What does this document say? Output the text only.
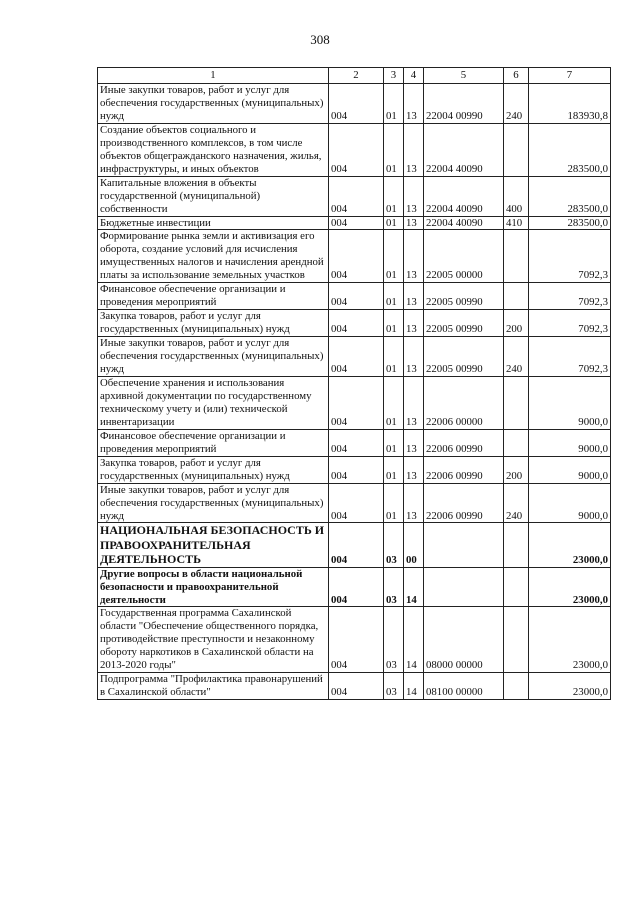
308
1	2	3	4	5	6	7
Иные закупки товаров, работ и услуг для обеспечения государственных (муниципальных) нужд	004	01	13	22004 00990	240	183930,8
Создание объектов социального и производственного комплексов, в том числе объектов общегражданского назначения, жилья, инфраструктуры, и иных объектов	004	01	13	22004 40090		283500,0
Капитальные вложения в объекты государственной (муниципальной) собственности	004	01	13	22004 40090	400	283500,0
Бюджетные инвестиции	004	01	13	22004 40090	410	283500,0
Формирование рынка земли и активизация его оборота, создание условий для исчисления имущественных налогов и начисления арендной платы за использование земельных участков	004	01	13	22005 00000		7092,3
Финансовое обеспечение организации и проведения мероприятий	004	01	13	22005 00990		7092,3
Закупка товаров, работ и услуг для государственных (муниципальных) нужд	004	01	13	22005 00990	200	7092,3
Иные закупки товаров, работ и услуг для обеспечения государственных (муниципальных) нужд	004	01	13	22005 00990	240	7092,3
Обеспечение хранения и использования архивной документации по государственному техническому учету и (или) технической инвентаризации	004	01	13	22006 00000		9000,0
Финансовое обеспечение организации и проведения мероприятий	004	01	13	22006 00990		9000,0
Закупка товаров, работ и услуг для государственных (муниципальных) нужд	004	01	13	22006 00990	200	9000,0
Иные закупки товаров, работ и услуг для обеспечения государственных (муниципальных) нужд	004	01	13	22006 00990	240	9000,0
НАЦИОНАЛЬНАЯ БЕЗОПАСНОСТЬ И ПРАВООХРАНИТЕЛЬНАЯ ДЕЯТЕЛЬНОСТЬ	004	03	00			23000,0
Другие вопросы в области национальной безопасности и правоохранительной деятельности	004	03	14			23000,0
Государственная программа Сахалинской области "Обеспечение общественного порядка, противодействие преступности и незаконному обороту наркотиков в Сахалинской области на 2013-2020 годы"	004	03	14	08000 00000		23000,0
Подпрограмма "Профилактика правонарушений в Сахалинской области"	004	03	14	08100 00000		23000,0
